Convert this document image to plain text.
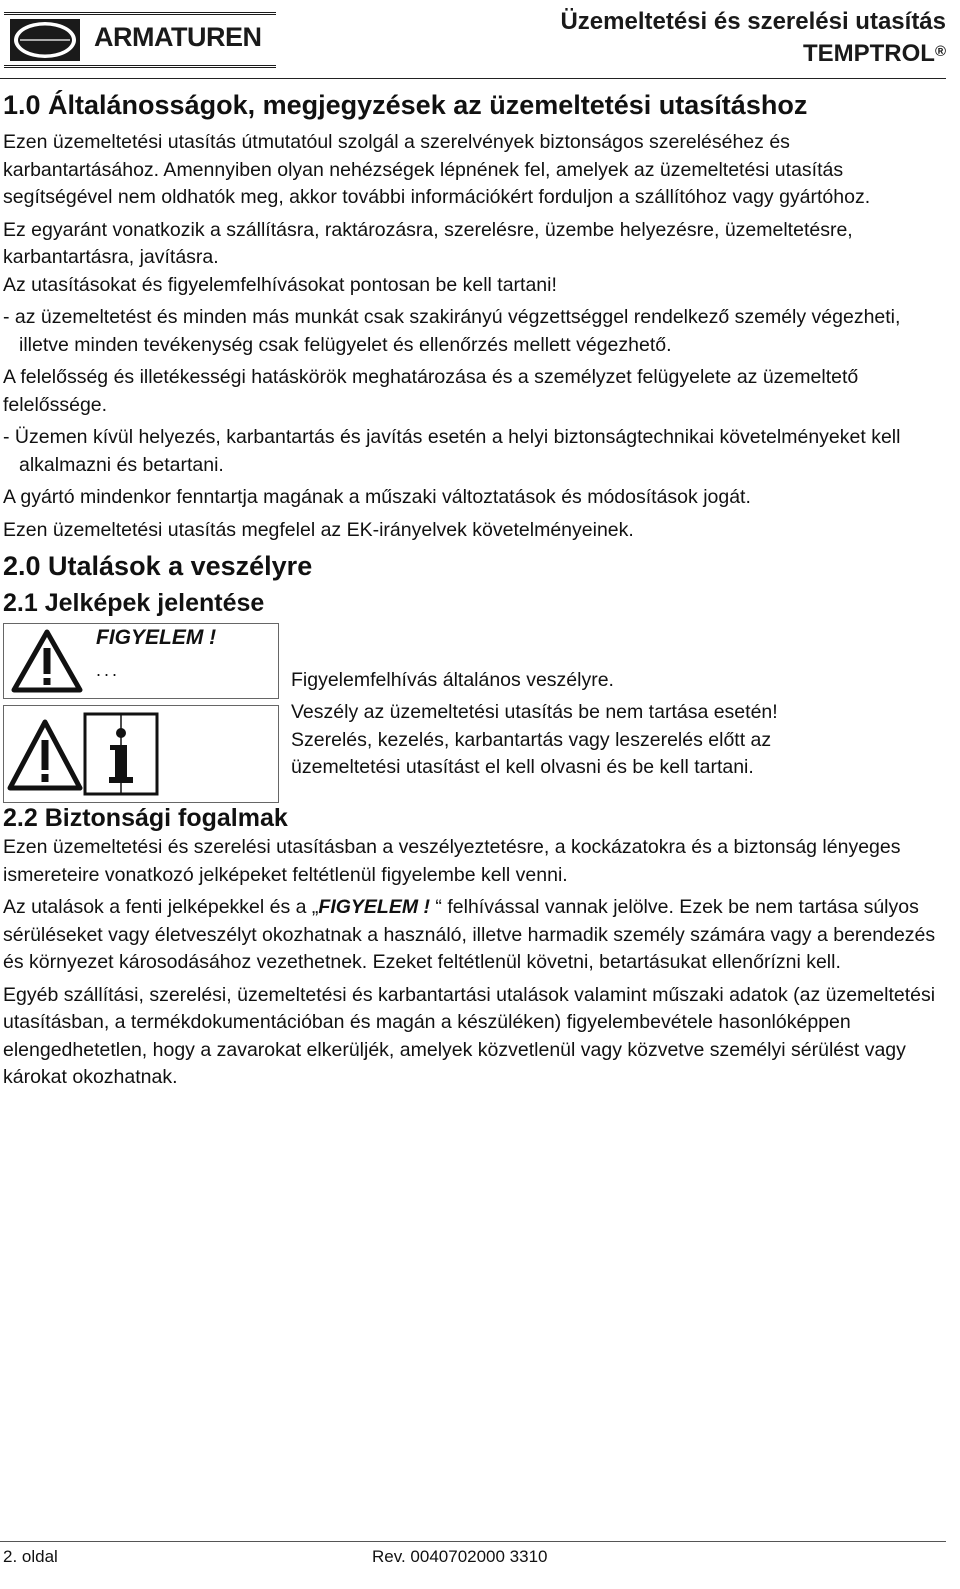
ARMATUREN
Üzemeltetési és szerelési utasítás
TEMPTROL®
1.0 Általánosságok, megjegyzések az üzemeltetési utasításhoz

Ezen üzemeltetési utasítás útmutatóul szolgál a szerelvények biztonságos szereléséhez és karbantartásához. Amennyiben olyan nehézségek lépnének fel, amelyek az üzemeltetési utasítás segítségével nem oldhatók meg, akkor további információkért forduljon a szállítóhoz vagy gyártóhoz.

Ez egyaránt vonatkozik a szállításra, raktározásra, szerelésre, üzembe helyezésre, üzemeltetésre, karbantartásra, javításra.

Az utasításokat és figyelemfelhívásokat pontosan be kell tartani!

- az üzemeltetést és minden más munkát csak szakirányú végzettséggel rendelkező személy végezheti, illetve minden tevékenység csak felügyelet és ellenőrzés mellett végezhető.

A felelősség és illetékességi hatáskörök meghatározása és a személyzet felügyelete az üzemeltető felelőssége.

- Üzemen kívül helyezés, karbantartás és javítás esetén a helyi biztonságtechnikai követelményeket kell alkalmazni és betartani.

A gyártó mindenkor fenntartja magának a műszaki változtatások és módosítások jogát.

Ezen üzemeltetési utasítás megfelel az EK-irányelvek követelményeinek.

2.0 Utalások a veszélyre
2.1 Jelképek jelentése
FIGYELEM !
...	Figyelemfelhívás általános veszélyre.
Veszély az üzemeltetési utasítás be nem tartása esetén!
Szerelés, kezelés, karbantartás vagy leszerelés előtt az
üzemeltetési utasítást el kell olvasni és be kell tartani.
2.2 Biztonsági fogalmak

Ezen üzemeltetési és szerelési utasításban a veszélyeztetésre, a kockázatokra és a biztonság lényeges ismereteire vonatkozó jelképeket feltétlenül figyelembe kell venni.

Az utalások a fenti jelképekkel és a „FIGYELEM ! “ felhívással vannak jelölve. Ezek be nem tartása súlyos sérüléseket vagy életveszélyt okozhatnak a használó, illetve harmadik személy számára vagy a berendezés és környezet károsodásához vezethetnek. Ezeket feltétlenül követni, betartásukat ellenőrízni kell.

Egyéb szállítási, szerelési, üzemeltetési és karbantartási utalások valamint műszaki adatok (az üzemeltetési utasításban, a termékdokumentációban és magán a készüléken) figyelembevétele hasonlóképpen elengedhetetlen, hogy a zavarokat elkerüljék, amelyek közvetlenül vagy közvetve személyi sérülést vagy károkat okozhatnak.

2. oldal	Rev. 0040702000 3310
